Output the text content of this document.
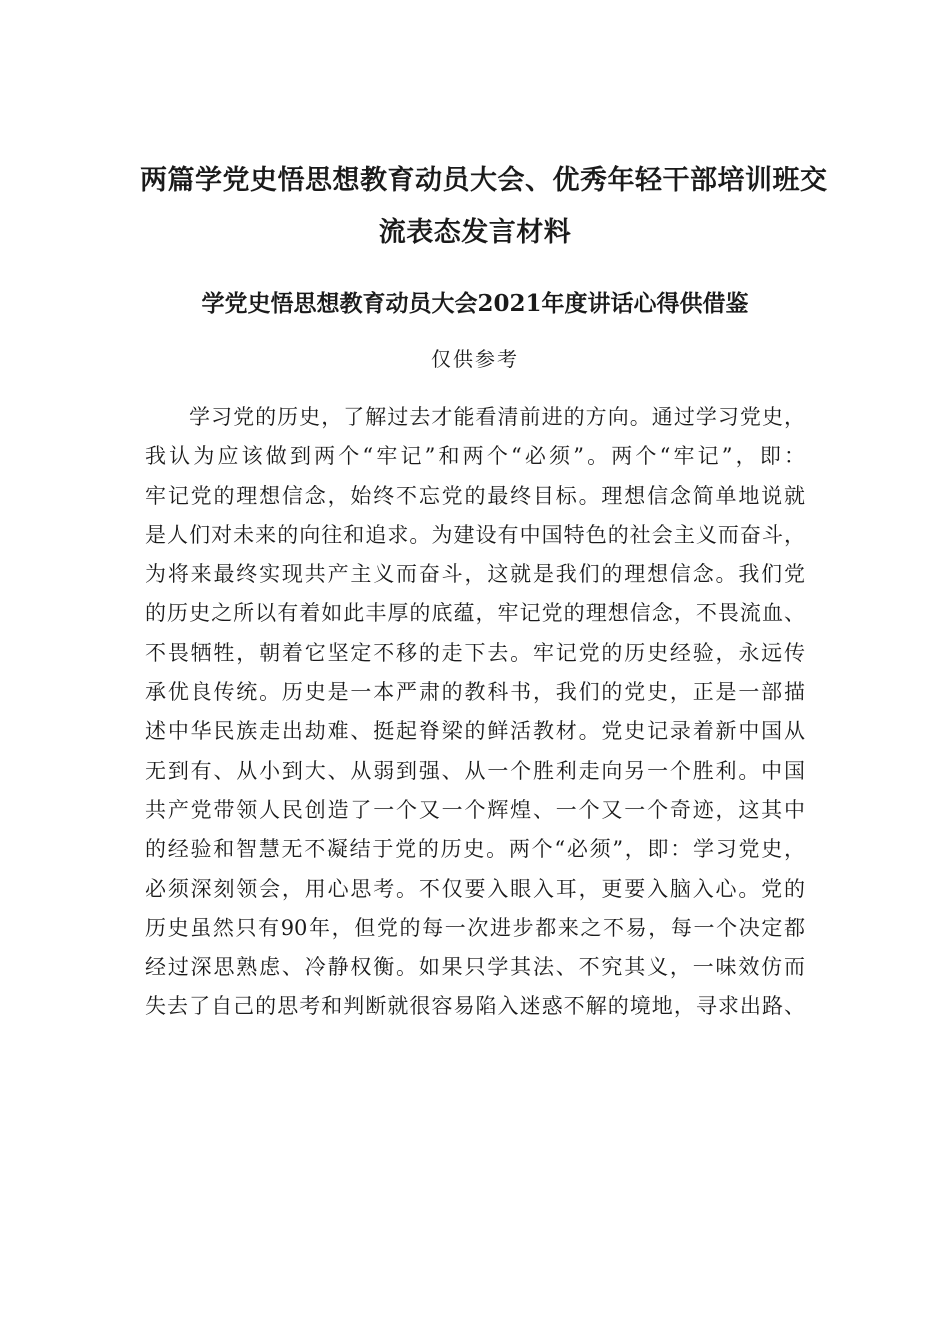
两篇学党史悟思想教育动员大会、优秀年轻干部培训班交
流表态发言材料
学党史悟思想教育动员大会2021年度讲话心得供借鉴

仅供参考

学习党的历史，了解过去才能看清前进的方向。通过学习党史，
我认为应该做到两个“牢记”和两个“必须”。两个“牢记”，即：
牢记党的理想信念，始终不忘党的最终目标。理想信念简单地说就
是人们对未来的向往和追求。为建设有中国特色的社会主义而奋斗，
为将来最终实现共产主义而奋斗，这就是我们的理想信念。我们党
的历史之所以有着如此丰厚的底蕴，牢记党的理想信念，不畏流血、
不畏牺牲，朝着它坚定不移的走下去。牢记党的历史经验，永远传
承优良传统。历史是一本严肃的教科书，我们的党史，正是一部描
述中华民族走出劫难、挺起脊梁的鲜活教材。党史记录着新中国从
无到有、从小到大、从弱到强、从一个胜利走向另一个胜利。中国
共产党带领人民创造了一个又一个辉煌、一个又一个奇迹，这其中
的经验和智慧无不凝结于党的历史。两个“必须”，即：学习党史，
必须深刻领会，用心思考。不仅要入眼入耳，更要入脑入心。党的
历史虽然只有90年，但党的每一次进步都来之不易，每一个决定都
经过深思熟虑、冷静权衡。如果只学其法、不究其义，一味效仿而
失去了自己的思考和判断就很容易陷入迷惑不解的境地，寻求出路、
